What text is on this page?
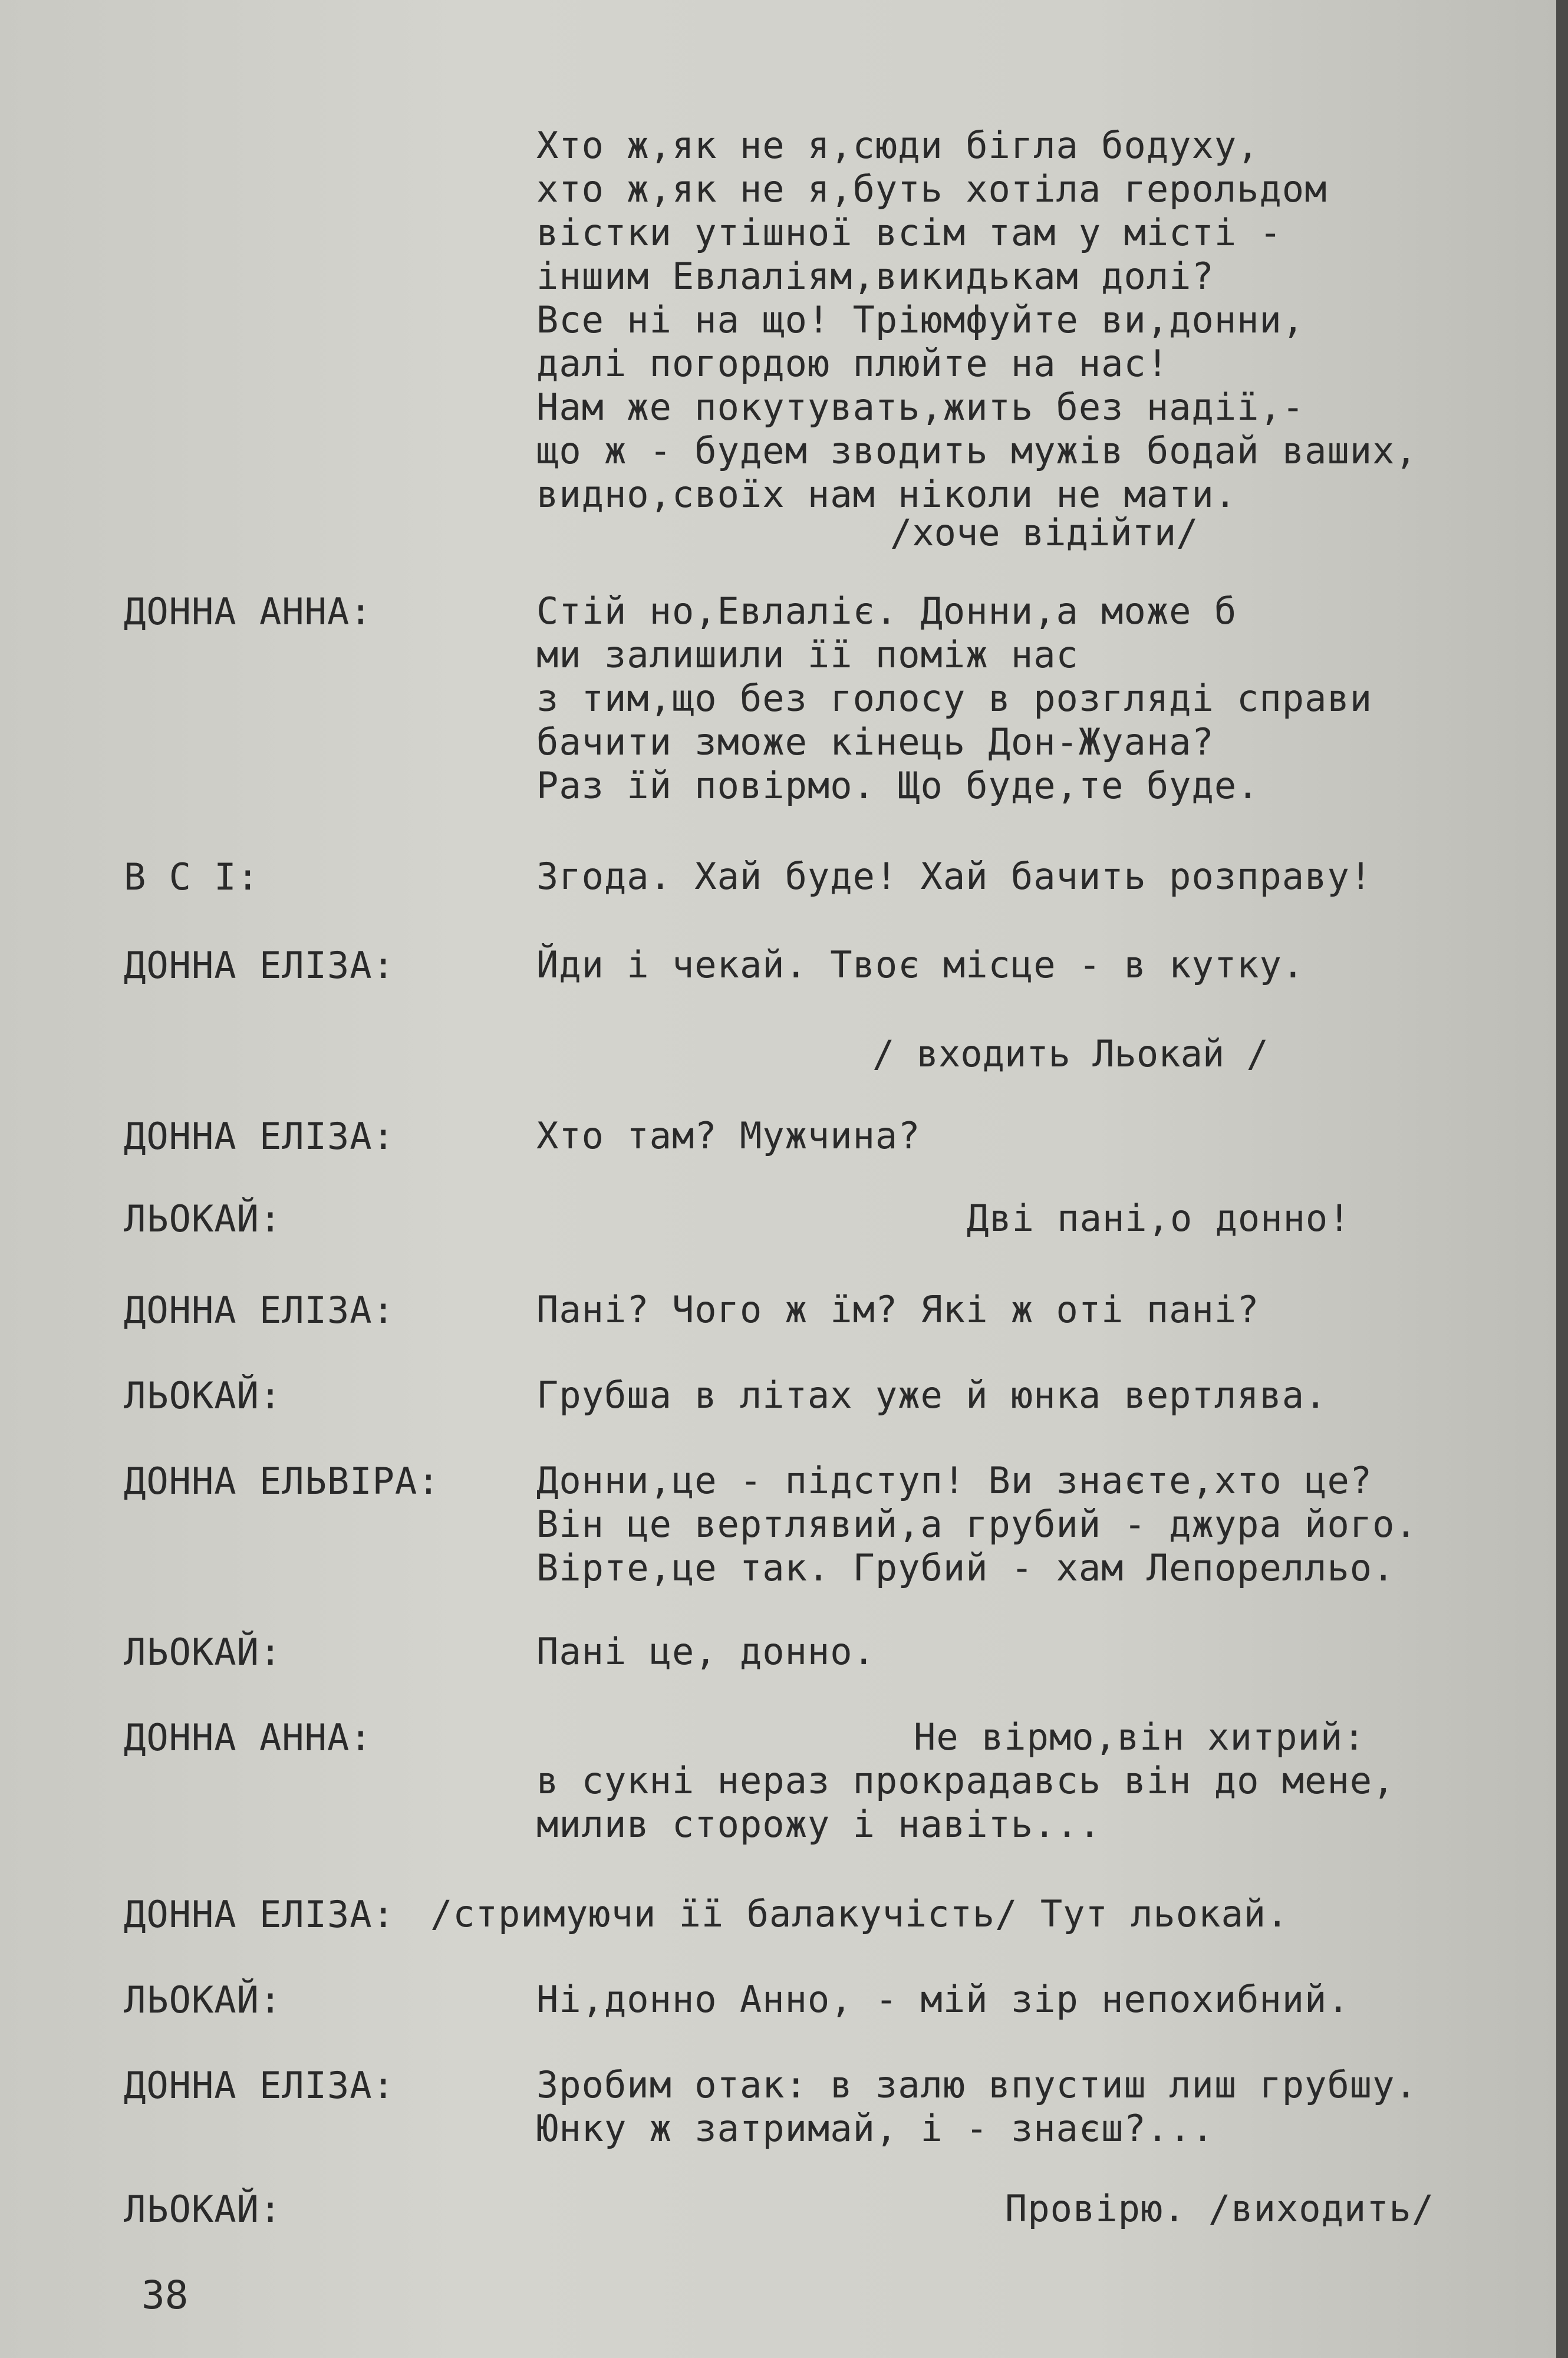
Хто ж,як не я,сюди бігла бодуху,
хто ж,як не я,буть хотіла герольдом
вістки утішної всім там у місті -
іншим Евлаліям,викидькам долі?
Все ні на що! Тріюмфуйте ви,донни,
далі погордою плюйте на нас!
Нам же покутувать,жить без надії,-
що ж - будем зводить мужів бодай ваших,
видно,своїх нам ніколи не мати.
/хоче відійти/
ДОННА АННА:	Стій но,Евлаліє. Донни,а може б
ми залишили її поміж нас
з тим,що без голосу в розгляді справи
бачити зможе кінець Дон-Жуана?
Раз їй повірмо. Що буде,те буде.
В С І:	Згода. Хай буде! Хай бачить розправу!
ДОННА ЕЛІЗА:	Йди і чекай. Твоє місце - в кутку.
/ входить Льокай /
ДОННА ЕЛІЗА:	Хто там? Мужчина?
ЛЬОКАЙ:	Дві пані,о донно!
ДОННА ЕЛІЗА:	Пані? Чого ж їм? Які ж оті пані?
ЛЬОКАЙ:	Грубша в літах уже й юнка вертлява.
ДОННА ЕЛЬВІРА:	Донни,це - підступ! Ви знаєте,хто це?
Він це вертлявий,а грубий - джура його.
Вірте,це так. Грубий - хам Лепорелльо.
ЛЬОКАЙ:	Пані це, донно.
ДОННА АННА:	Не вірмо,він хитрий:
в сукні нераз прокрадавсь він до мене,
милив сторожу і навіть...
ДОННА ЕЛІЗА: /стримуючи її балакучість/ Тут льокай.
ЛЬОКАЙ:	Ні,донно Анно, - мій зір непохибний.
ДОННА ЕЛІЗА:	Зробим отак: в залю впустиш лиш грубшу.
Юнку ж затримай, і - знаєш?...
ЛЬОКАЙ:	Провірю. /виходить/
38
